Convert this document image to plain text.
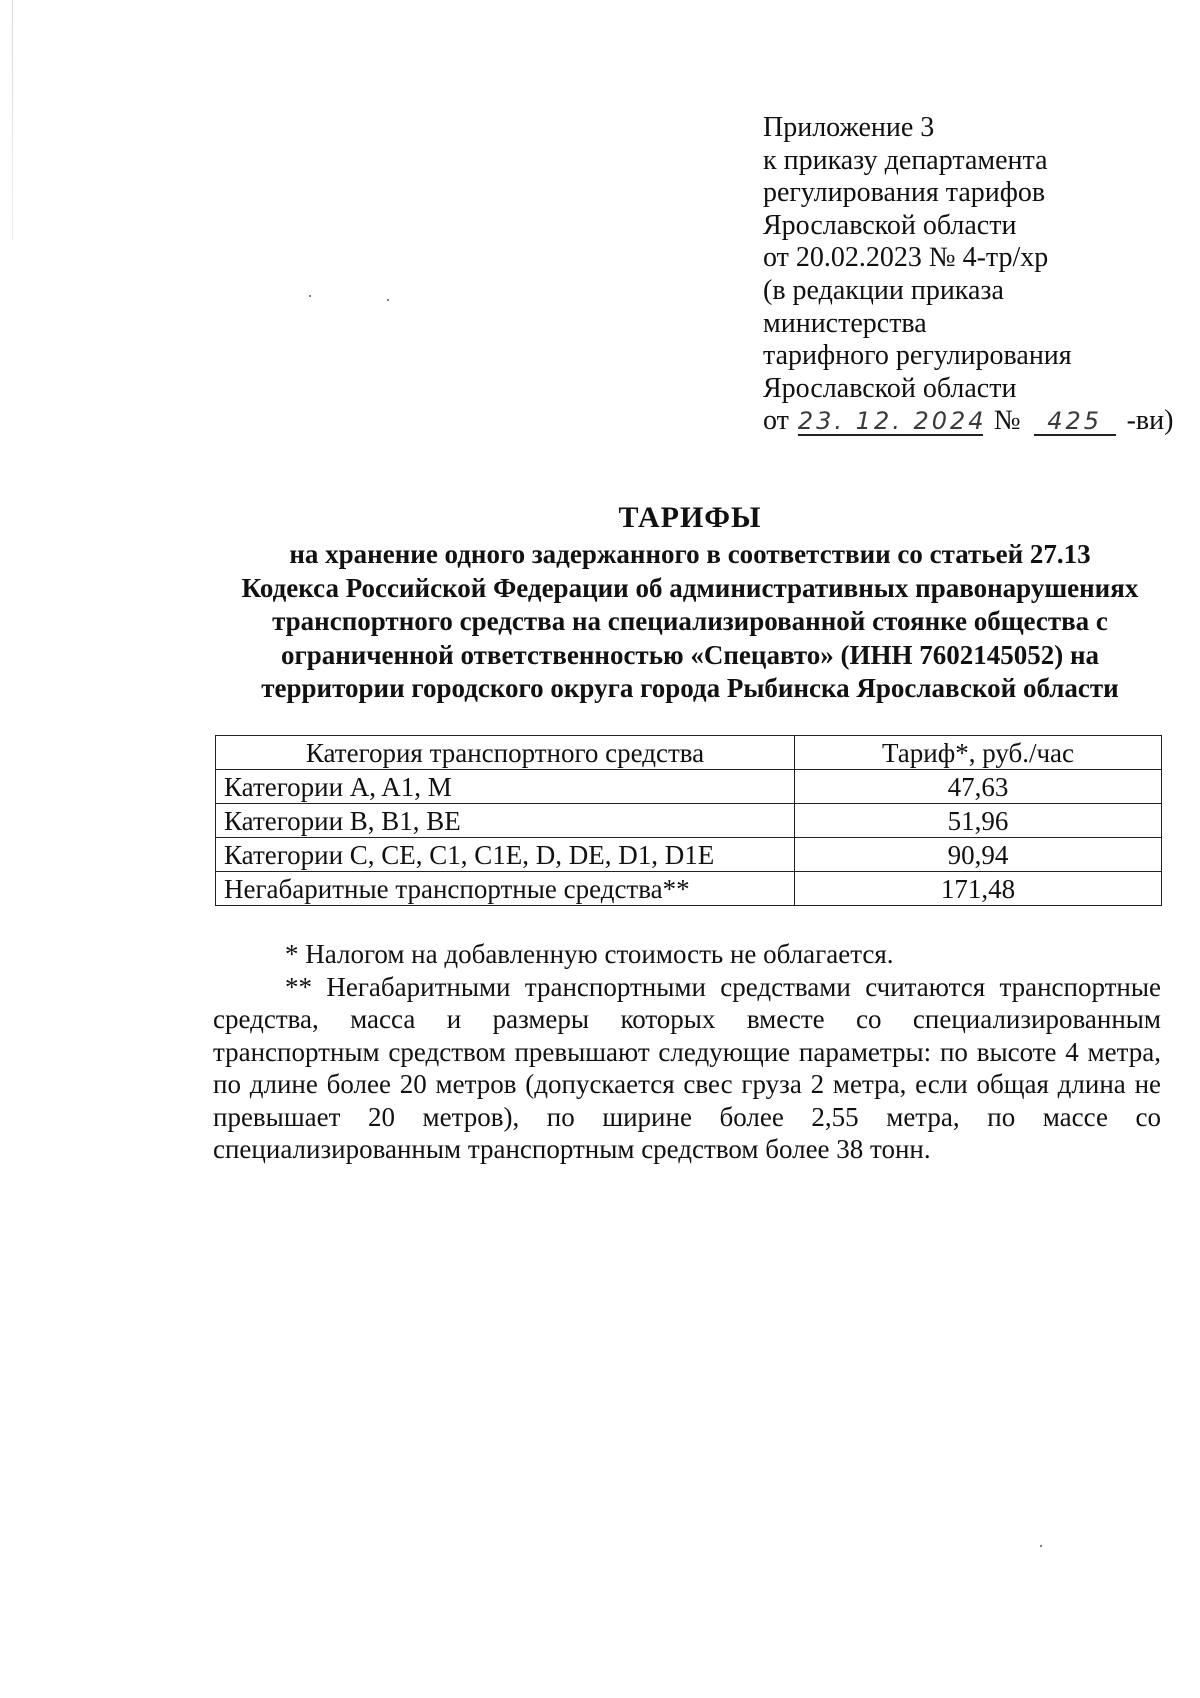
Приложение 3
к приказу департамента
регулирования тарифов
Ярославской области
от 20.02.2023 № 4-тр/хр
(в редакции приказа
министерства
тарифного регулирования
Ярославской области
от 23. 12. 2024 № 425 -ви)
ТАРИФЫ
на хранение одного задержанного в соответствии со статьей 27.13
Кодекса Российской Федерации об административных правонарушениях
транспортного средства на специализированной стоянке общества с
ограниченной ответственностью «Спецавто» (ИНН 7602145052) на
территории городского округа города Рыбинска Ярославской области
Категория транспортного средства	Тариф*, руб./час
Категории A, A1, M	47,63
Категории B, B1, BE	51,96
Категории C, CE, C1, C1E, D, DE, D1, D1E	90,94
Негабаритные транспортные средства**	171,48
* Налогом на добавленную стоимость не облагается.

** Негабаритными транспортными средствами считаются транспортные средства, масса и размеры которых вместе со специализированным транспортным средством превышают следующие параметры: по высоте 4 метра, по длине более 20 метров (допускается свес груза 2 метра, если общая длина не превышает 20 метров), по ширине более 2,55 метра, по массе со специализированным транспортным средством более 38 тонн.
